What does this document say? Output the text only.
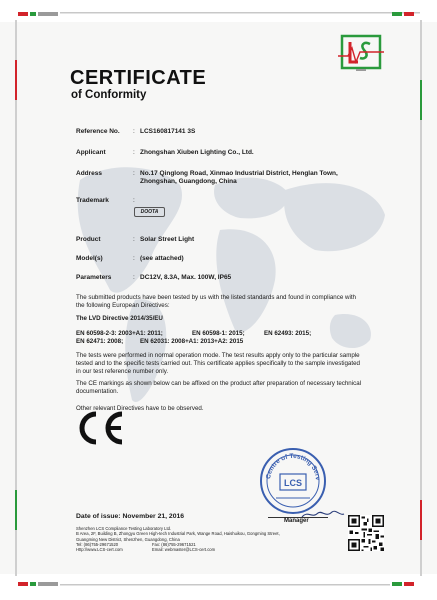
CERTIFICATE
of Conformity
Reference No.	: LCS160817141 3S
Applicant	: Zhongshan Xiuben Lighting Co., Ltd.
Address	: No.17 Qinglong Road, Xinmao Industrial District, Henglan Town, Zhongshan, Guangdong, China
Trademark	:
DOOTA
Product	: Solar Street Light
Model(s)	: (see attached)
Parameters	: DC12V, 8.3A, Max. 100W, IP65

The submitted products have been tested by us with the listed standards and found in compliance with the following European Directives:

The LVD Directive 2014/35/EU

EN 60598-2-3: 2003+A1: 2011;	EN 60598-1: 2015;	EN 62493: 2015;
EN 62471: 2008;	EN 62031: 2008+A1: 2013+A2: 2015

The tests were performed in normal operation mode. The test results apply only to the particular sample tested and to the specific tests carried out. This certificate applies specifically to the sample investigated in our test reference number only.

The CE markings as shown below can be affixed on the product after preparation of necessary technical documentation.

Other relevant Directives have to be observed.

Centre of Testing Serv
LCS
Manager

Date of issue: November 21, 2016

Shenzhen LCS Compliance Testing Laboratory Ltd.
B Area, 2F, Building B, Zhongyu Green High-tech Industrial Park, Wange Road, Haishuikou, Gongming Street,
Guangming New District, Shenzhen, Guangdong, China
Tel: (86)755-29671520	Fax: (86)755-29671521
Http:\\www.LCS-cert.com	Email: webmaster@LCS-cert.com
